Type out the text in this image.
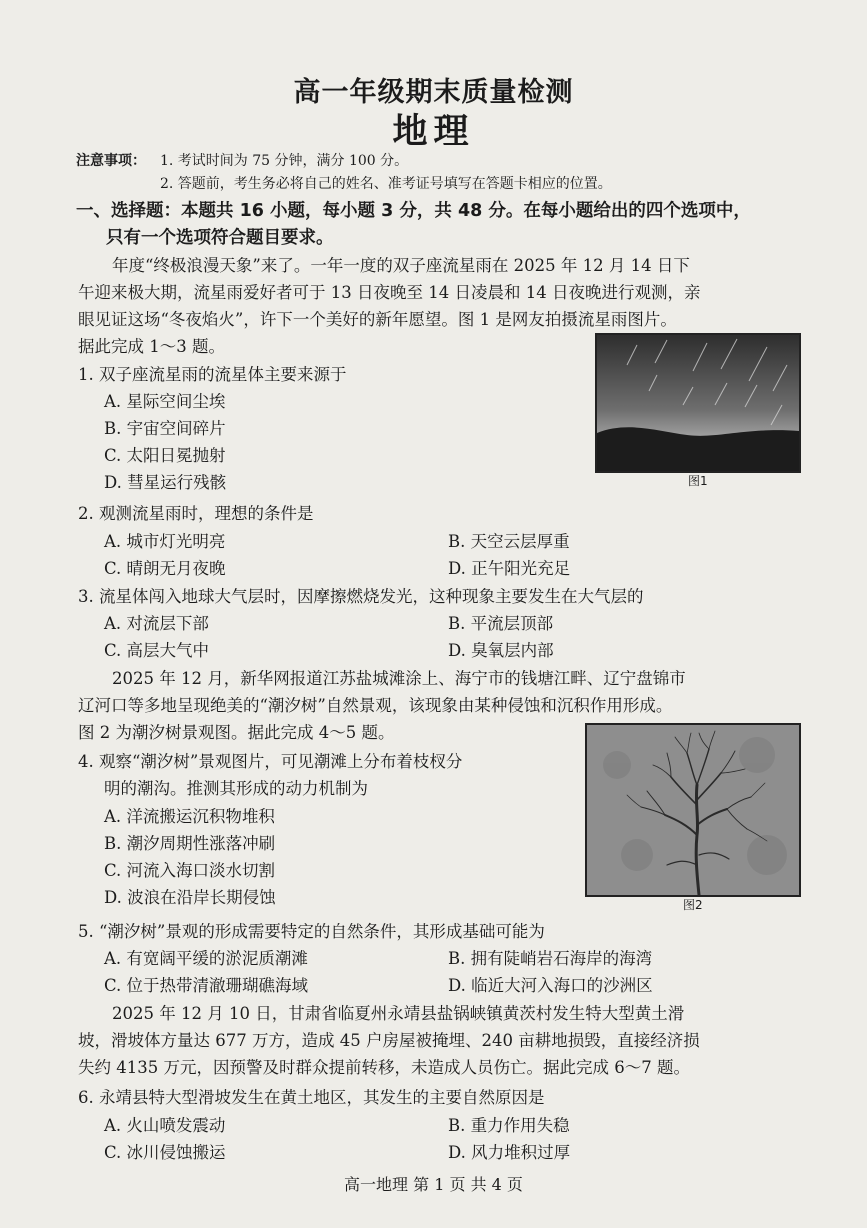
高一年级期末质量检测
地理
注意事项： 1. 考试时间为 75 分钟，满分 100 分。
2. 答题前，考生务必将自己的姓名、准考证号填写在答题卡相应的位置。
一、选择题：本题共 16 小题，每小题 3 分，共 48 分。在每小题给出的四个选项中，
只有一个选项符合题目要求。
年度“终极浪漫天象”来了。一年一度的双子座流星雨在 2025 年 12 月 14 日下
午迎来极大期，流星雨爱好者可于 13 日夜晚至 14 日凌晨和 14 日夜晚进行观测，亲
眼见证这场“冬夜焰火”，许下一个美好的新年愿望。图 1 是网友拍摄流星雨图片。
据此完成 1～3 题。
图1
1. 双子座流星雨的流星体主要来源于
A. 星际空间尘埃
B. 宇宙空间碎片
C. 太阳日冕抛射
D. 彗星运行残骸
2. 观测流星雨时，理想的条件是
A. 城市灯光明亮	B. 天空云层厚重
C. 晴朗无月夜晚	D. 正午阳光充足
3. 流星体闯入地球大气层时，因摩擦燃烧发光，这种现象主要发生在大气层的
A. 对流层下部	B. 平流层顶部
C. 高层大气中	D. 臭氧层内部
2025 年 12 月，新华网报道江苏盐城滩涂上、海宁市的钱塘江畔、辽宁盘锦市
辽河口等多地呈现绝美的“潮汐树”自然景观，该现象由某种侵蚀和沉积作用形成。
图 2 为潮汐树景观图。据此完成 4～5 题。
图2
4. 观察“潮汐树”景观图片，可见潮滩上分布着枝杈分
明的潮沟。推测其形成的动力机制为
A. 洋流搬运沉积物堆积
B. 潮汐周期性涨落冲刷
C. 河流入海口淡水切割
D. 波浪在沿岸长期侵蚀
5. “潮汐树”景观的形成需要特定的自然条件，其形成基础可能为
A. 有宽阔平缓的淤泥质潮滩	B. 拥有陡峭岩石海岸的海湾
C. 位于热带清澈珊瑚礁海域	D. 临近大河入海口的沙洲区
2025 年 12 月 10 日，甘肃省临夏州永靖县盐锅峡镇黄茨村发生特大型黄土滑
坡，滑坡体方量达 677 万方，造成 45 户房屋被掩埋、240 亩耕地损毁，直接经济损
失约 4135 万元，因预警及时群众提前转移，未造成人员伤亡。据此完成 6～7 题。
6. 永靖县特大型滑坡发生在黄土地区，其发生的主要自然原因是
A. 火山喷发震动	B. 重力作用失稳
C. 冰川侵蚀搬运	D. 风力堆积过厚
高一地理 第 1 页 共 4 页
